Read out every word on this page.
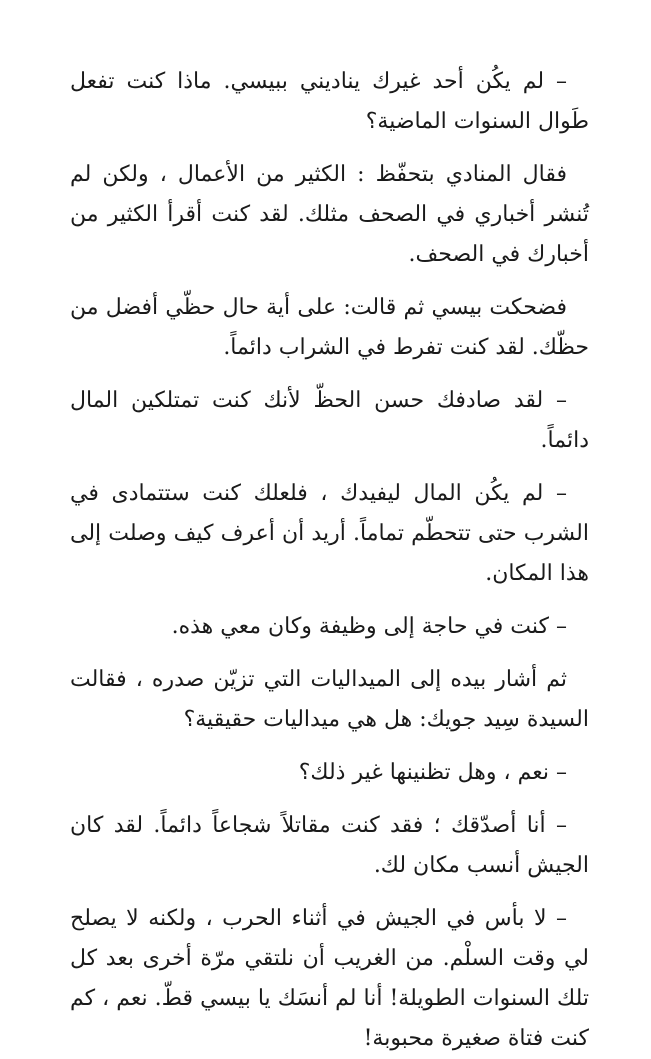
– لم يكُن أحد غيرك يناديني ببيسي. ماذا كنت تفعل طَوال السنوات الماضية؟

فقال المنادي بتحفّظ : الكثير من الأعمال ، ولكن لم تُنشر أخباري في الصحف مثلك. لقد كنت أقرأ الكثير من أخبارك في الصحف.

فضحكت بيسي ثم قالت: على أية حال حظّي أفضل من حظّك. لقد كنت تفرط في الشراب دائماً.

– لقد صادفك حسن الحظّ لأنك كنت تمتلكين المال دائماً.

– لم يكُن المال ليفيدك ، فلعلك كنت ستتمادى في الشرب حتى تتحطّم تماماً. أريد أن أعرف كيف وصلت إلى هذا المكان.

– كنت في حاجة إلى وظيفة وكان معي هذه.

ثم أشار بيده إلى الميداليات التي تزيّن صدره ، فقالت السيدة سِيد جويك: هل هي ميداليات حقيقية؟

– نعم ، وهل تظنينها غير ذلك؟

– أنا أصدّقك ؛ فقد كنت مقاتلاً شجاعاً دائماً. لقد كان الجيش أنسب مكان لك.

– لا بأس في الجيش في أثناء الحرب ، ولكنه لا يصلح لي وقت السلْم. من الغريب أن نلتقي مرّة أخرى بعد كل تلك السنوات الطويلة! أنا لم أنسَك يا بيسي قطّ. نعم ، كم كنت فتاة صغيرة محبوبة!
